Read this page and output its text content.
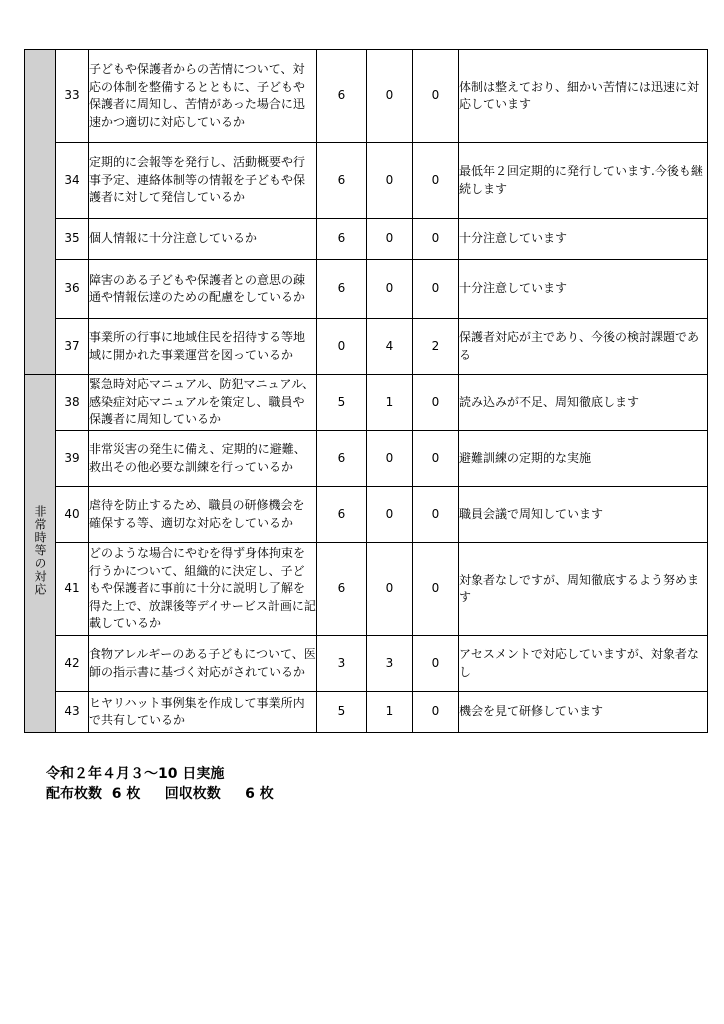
	33	子どもや保護者からの苦情について、対応の体制を整備するとともに、子どもや保護者に周知し、苦情があった場合に迅速かつ適切に対応しているか	6	0	0	体制は整えており、細かい苦情には迅速に対応しています
	34	定期的に会報等を発行し、活動概要や行事予定、連絡体制等の情報を子どもや保護者に対して発信しているか	6	0	0	最低年２回定期的に発行しています.今後も継続します
	35	個人情報に十分注意しているか	6	0	0	十分注意しています
	36	障害のある子どもや保護者との意思の疎通や情報伝達のための配慮をしているか	6	0	0	十分注意しています
	37	事業所の行事に地域住民を招待する等地域に開かれた事業運営を図っているか	0	4	2	保護者対応が主であり、今後の検討課題である
非常時等の対応	38	緊急時対応マニュアル、防犯マニュアル、感染症対応マニュアルを策定し、職員や保護者に周知しているか	5	1	0	読み込みが不足、周知徹底します
	39	非常災害の発生に備え、定期的に避難、救出その他必要な訓練を行っているか	6	0	0	避難訓練の定期的な実施
	40	虐待を防止するため、職員の研修機会を確保する等、適切な対応をしているか	6	0	0	職員会議で周知しています
	41	どのような場合にやむを得ず身体拘束を行うかについて、組織的に決定し、子どもや保護者に事前に十分に説明し了解を得た上で、放課後等デイサービス計画に記載しているか	6	0	0	対象者なしですが、周知徹底するよう努めます
	42	食物アレルギーのある子どもについて、医師の指示書に基づく対応がされているか	3	3	0	アセスメントで対応していますが、対象者なし
	43	ヒヤリハット事例集を作成して事業所内で共有しているか	5	1	0	機会を見て研修しています
令和２年４月３〜10 日実施
配布枚数  6 枚     回収枚数     6 枚
